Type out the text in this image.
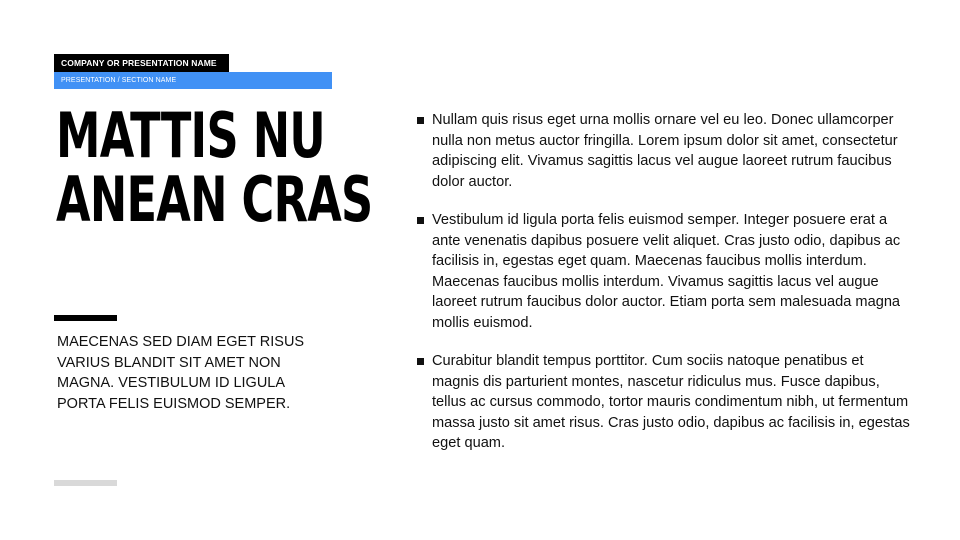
COMPANY OR PRESENTATION NAME
PRESENTATION / SECTION NAME
MATTIS NU
ANEAN CRAS

MAECENAS SED DIAM EGET RISUS VARIUS BLANDIT SIT AMET NON MAGNA. VESTIBULUM ID LIGULA PORTA FELIS EUISMOD SEMPER.

Nullam quis risus eget urna mollis ornare vel eu leo. Donec ullamcorper nulla non metus auctor fringilla. Lorem ipsum dolor sit amet, consectetur adipiscing elit. Vivamus sagittis lacus vel augue laoreet rutrum faucibus dolor auctor.
Vestibulum id ligula porta felis euismod semper. Integer posuere erat a ante venenatis dapibus posuere velit aliquet. Cras justo odio, dapibus ac facilisis in, egestas eget quam. Maecenas faucibus mollis interdum. Maecenas faucibus mollis interdum. Vivamus sagittis lacus vel augue laoreet rutrum faucibus dolor auctor. Etiam porta sem malesuada magna mollis euismod.
Curabitur blandit tempus porttitor. Cum sociis natoque penatibus et magnis dis parturient montes, nascetur ridiculus mus. Fusce dapibus, tellus ac cursus commodo, tortor mauris condimentum nibh, ut fermentum massa justo sit amet risus. Cras justo odio, dapibus ac facilisis in, egestas eget quam.
